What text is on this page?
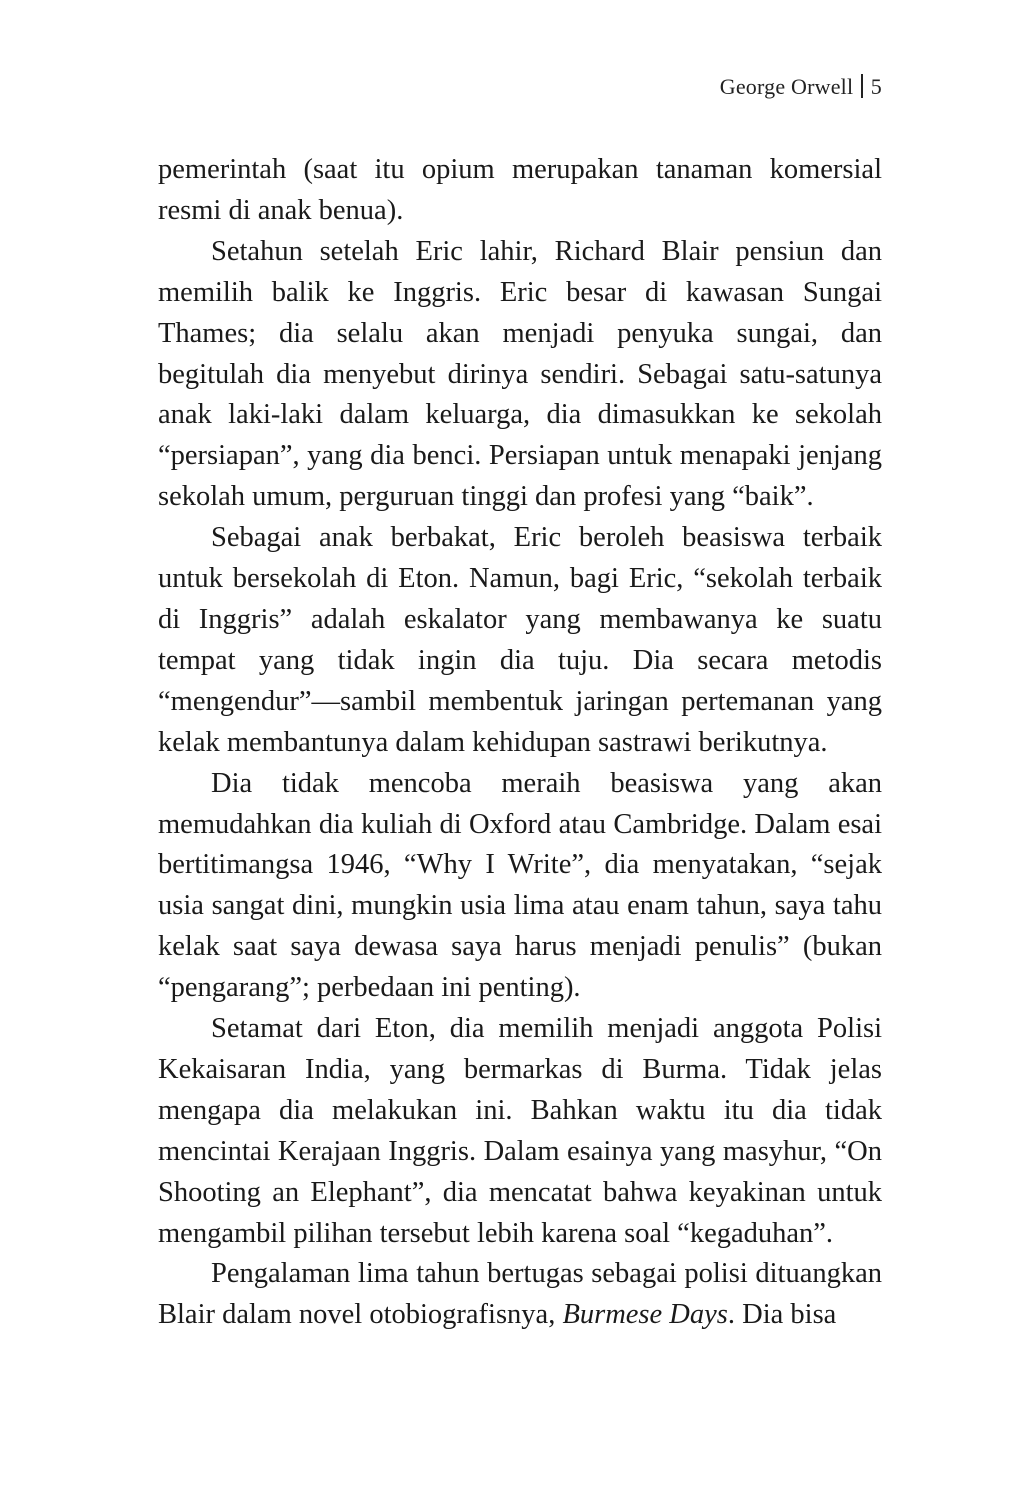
George Orwell 5

pemerintah (saat itu opium merupakan tanaman komersial resmi di anak benua).

Setahun setelah Eric lahir, Richard Blair pensiun dan memilih balik ke Inggris. Eric besar di kawasan Sungai Thames; dia selalu akan menjadi penyuka sungai, dan begitulah dia menyebut dirinya sendiri. Sebagai satu-satunya anak laki-laki dalam keluarga, dia dimasukkan ke sekolah “persiapan”, yang dia benci. Persiapan untuk menapaki jenjang sekolah umum, perguruan tinggi dan profesi yang “baik”.

Sebagai anak berbakat, Eric beroleh beasiswa terbaik untuk bersekolah di Eton. Namun, bagi Eric, “sekolah terbaik di Inggris” adalah eskalator yang membawanya ke suatu tempat yang tidak ingin dia tuju. Dia secara metodis “mengendur”—sambil membentuk jaringan pertemanan yang kelak membantunya dalam kehidupan sastrawi berikutnya.

Dia tidak mencoba meraih beasiswa yang akan memudahkan dia kuliah di Oxford atau Cambridge. Dalam esai bertitimangsa 1946, “Why I Write”, dia menyatakan, “sejak usia sangat dini, mungkin usia lima atau enam tahun, saya tahu kelak saat saya dewasa saya harus menjadi penulis” (bukan “pengarang”; perbedaan ini penting).

Setamat dari Eton, dia memilih menjadi anggota Polisi Kekaisaran India, yang bermarkas di Burma. Tidak jelas mengapa dia melakukan ini. Bahkan waktu itu dia tidak mencintai Kerajaan Inggris. Dalam esainya yang masyhur, “On Shooting an Elephant”, dia mencatat bahwa keyakinan untuk mengambil pilihan tersebut lebih karena soal “kegaduhan”.

Pengalaman lima tahun bertugas sebagai polisi dituangkan Blair dalam novel otobiografisnya, Burmese Days. Dia bisa
